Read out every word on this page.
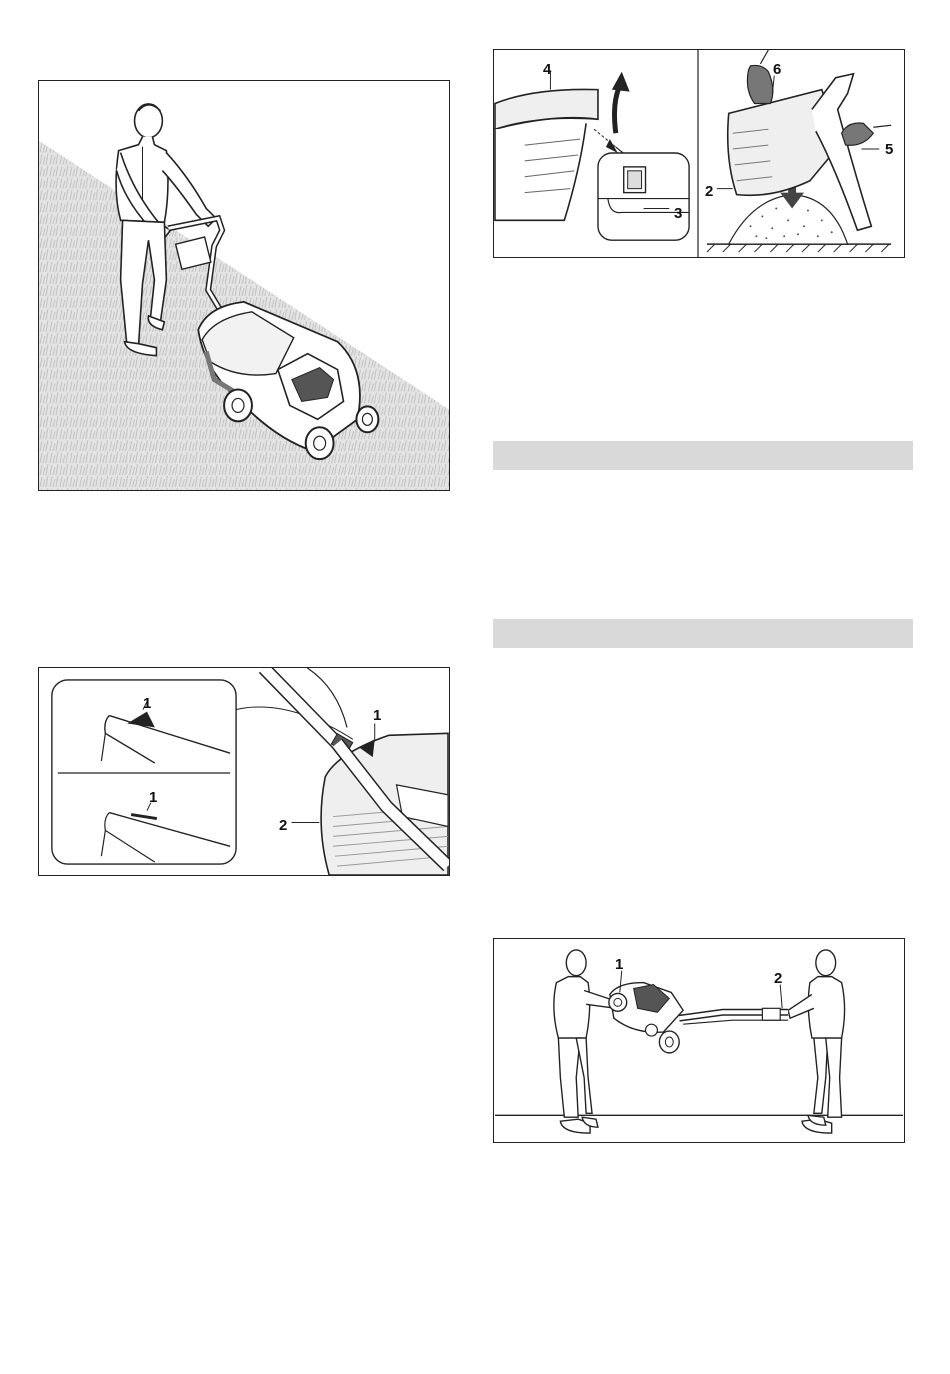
1
1
1
2
4
3
6
2
5
1
2
